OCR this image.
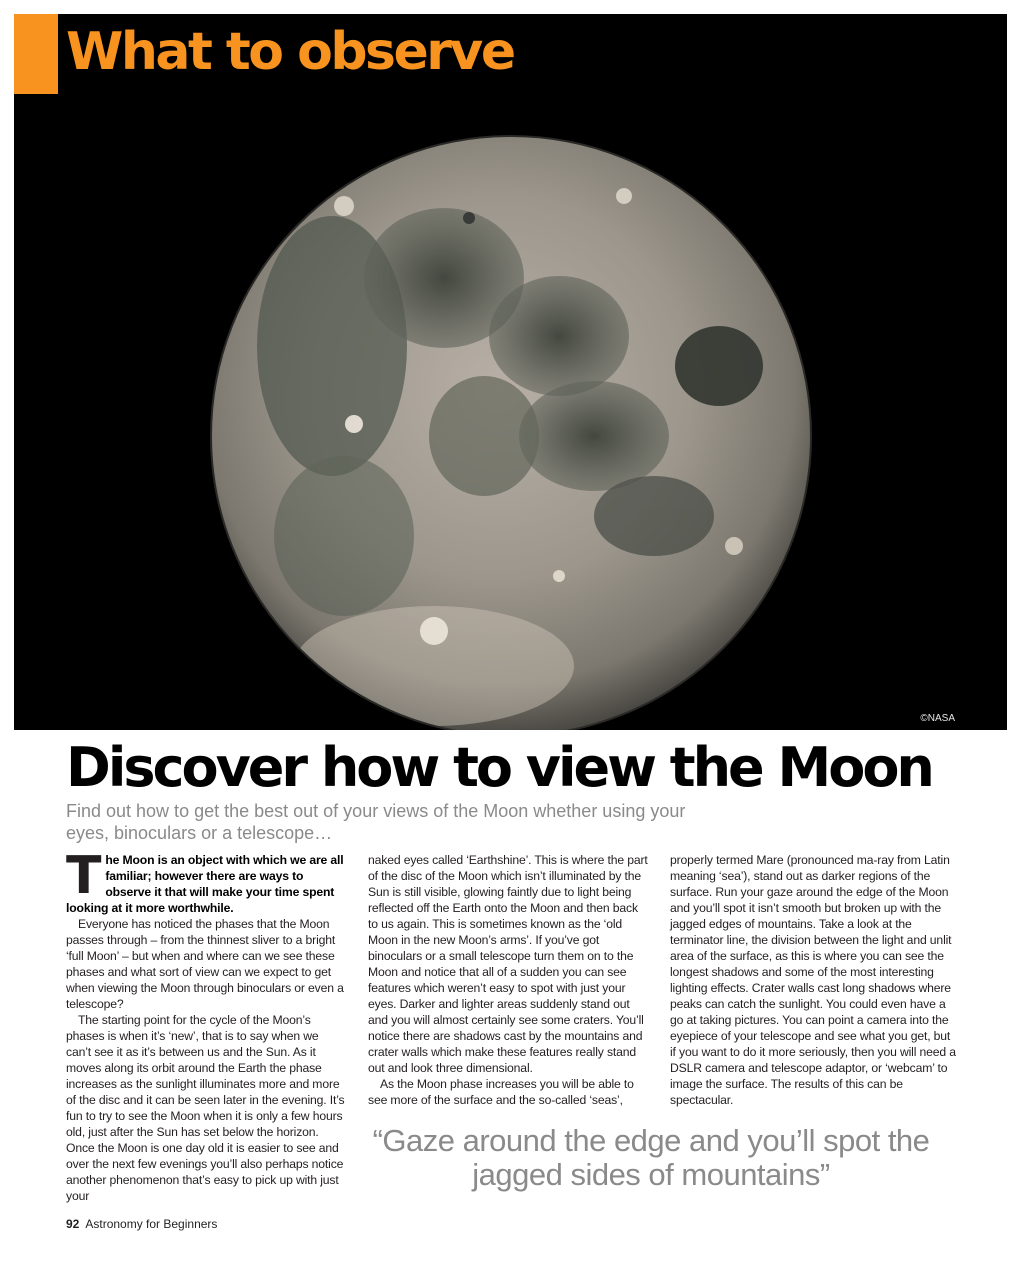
What to observe
©NASA
Discover how to view the Moon
Find out how to get the best out of your views of the Moon whether using your eyes, binoculars or a telescope…

The Moon is an object with which we are all familiar; however there are ways to observe it that will make your time spent looking at it more worthwhile.

Everyone has noticed the phases that the Moon passes through – from the thinnest sliver to a bright ‘full Moon’ – but when and where can we see these phases and what sort of view can we expect to get when viewing the Moon through binoculars or even a telescope?

The starting point for the cycle of the Moon’s phases is when it’s ‘new’, that is to say when we can’t see it as it’s between us and the Sun. As it moves along its orbit around the Earth the phase increases as the sunlight illuminates more and more of the disc and it can be seen later in the evening. It’s fun to try to see the Moon when it is only a few hours old, just after the Sun has set below the horizon. Once the Moon is one day old it is easier to see and over the next few evenings you’ll also perhaps notice another phenomenon that’s easy to pick up with just your

naked eyes called ‘Earthshine’. This is where the part of the disc of the Moon which isn’t illuminated by the Sun is still visible, glowing faintly due to light being reflected off the Earth onto the Moon and then back to us again. This is sometimes known as the ‘old Moon in the new Moon’s arms’. If you’ve got binoculars or a small telescope turn them on to the Moon and notice that all of a sudden you can see features which weren’t easy to spot with just your eyes. Darker and lighter areas suddenly stand out and you will almost certainly see some craters. You’ll notice there are shadows cast by the mountains and crater walls which make these features really stand out and look three dimensional.

As the Moon phase increases you will be able to see more of the surface and the so-called ‘seas’,

properly termed Mare (pronounced ma-ray from Latin meaning ‘sea’), stand out as darker regions of the surface. Run your gaze around the edge of the Moon and you’ll spot it isn’t smooth but broken up with the jagged edges of mountains. Take a look at the terminator line, the division between the light and unlit area of the surface, as this is where you can see the longest shadows and some of the most interesting lighting effects. Crater walls cast long shadows where peaks can catch the sunlight. You could even have a go at taking pictures. You can point a camera into the eyepiece of your telescope and see what you get, but if you want to do it more seriously, then you will need a DSLR camera and telescope adaptor, or ‘webcam’ to image the surface. The results of this can be spectacular.

“Gaze around the edge and you’ll spot the jagged sides of mountains”
92 Astronomy for Beginners
